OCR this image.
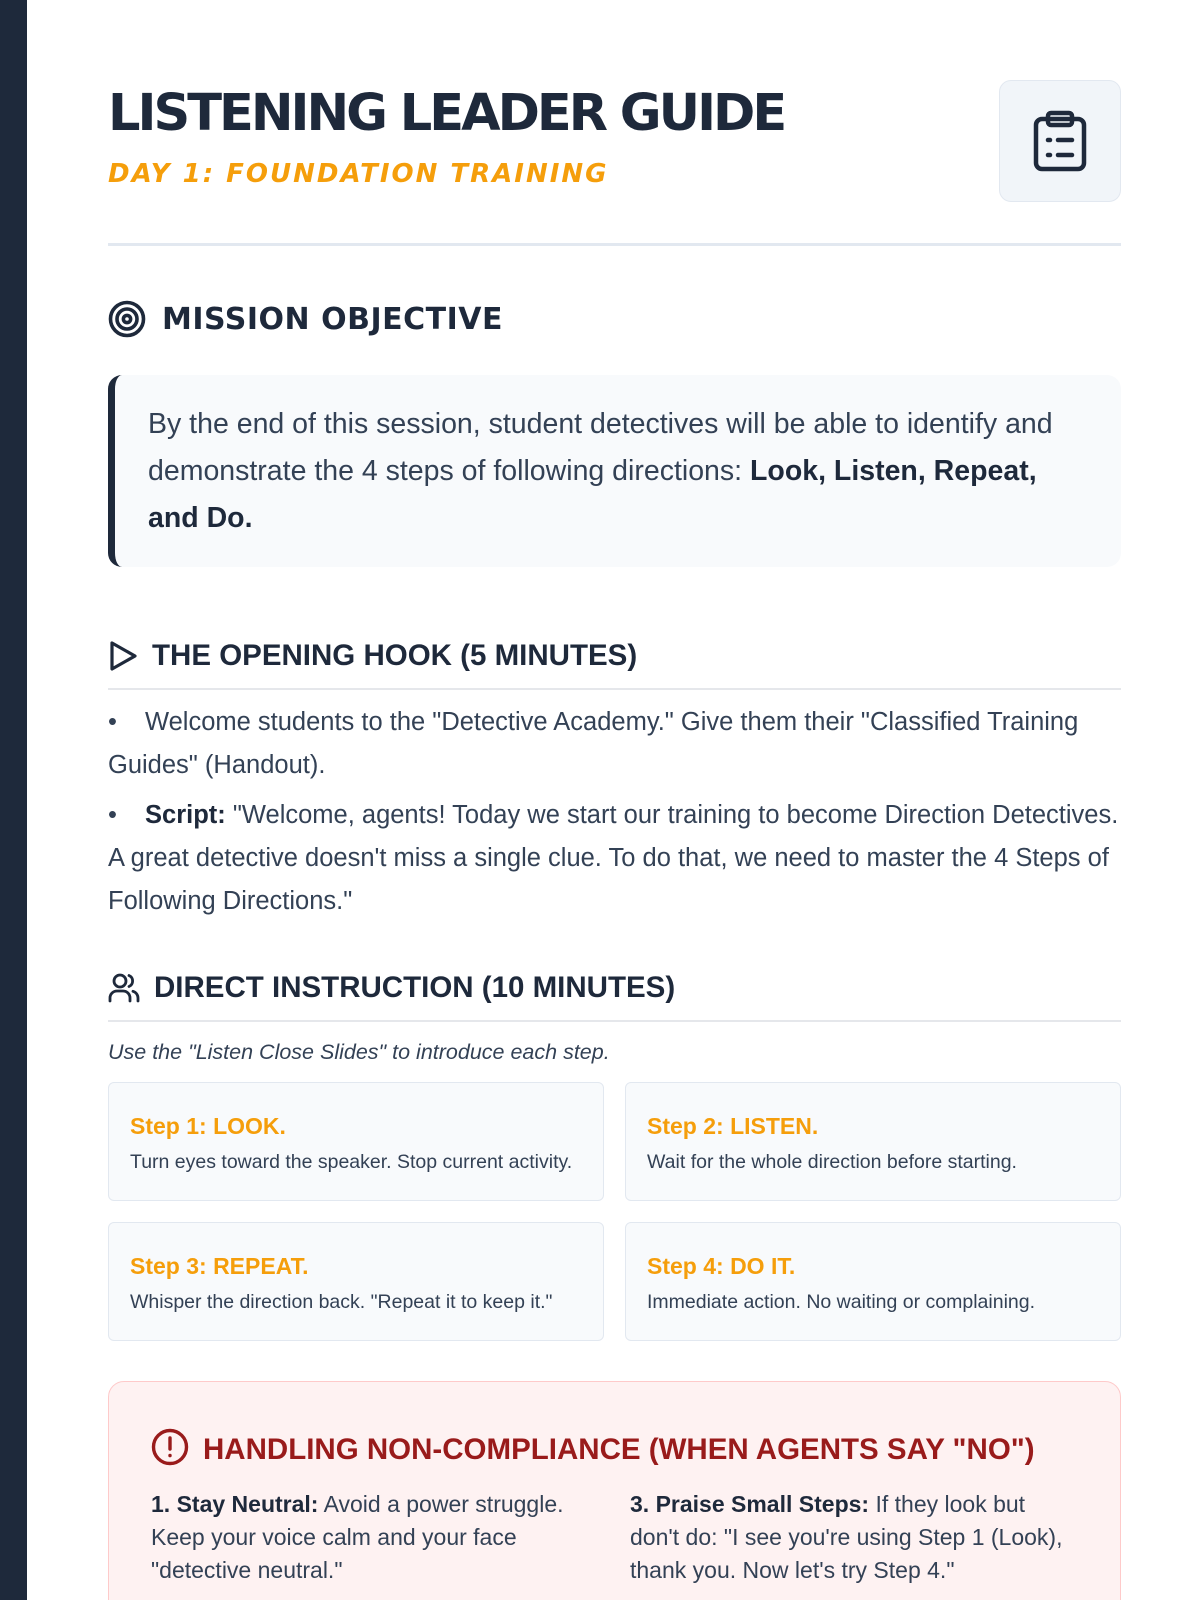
LISTENING LEADER GUIDE
DAY 1: FOUNDATION TRAINING
MISSION OBJECTIVE
By the end of this session, student detectives will be able to identify and demonstrate the 4 steps of following directions: Look, Listen, Repeat, and Do.
THE OPENING HOOK (5 MINUTES)
• Welcome students to the "Detective Academy." Give them their "Classified Training Guides" (Handout).
• Script: "Welcome, agents! Today we start our training to become Direction Detectives. A great detective doesn't miss a single clue. To do that, we need to master the 4 Steps of Following Directions."
DIRECT INSTRUCTION (10 MINUTES)
Use the "Listen Close Slides" to introduce each step.
Step 1: LOOK.
Turn eyes toward the speaker. Stop current activity.
Step 2: LISTEN.
Wait for the whole direction before starting.
Step 3: REPEAT.
Whisper the direction back. "Repeat it to keep it."
Step 4: DO IT.
Immediate action. No waiting or complaining.
HANDLING NON-COMPLIANCE (WHEN AGENTS SAY "NO")
1. Stay Neutral: Avoid a power struggle. Keep your voice calm and your face "detective neutral."
3. Praise Small Steps: If they look but don't do: "I see you're using Step 1 (Look), thank you. Now let's try Step 4."
